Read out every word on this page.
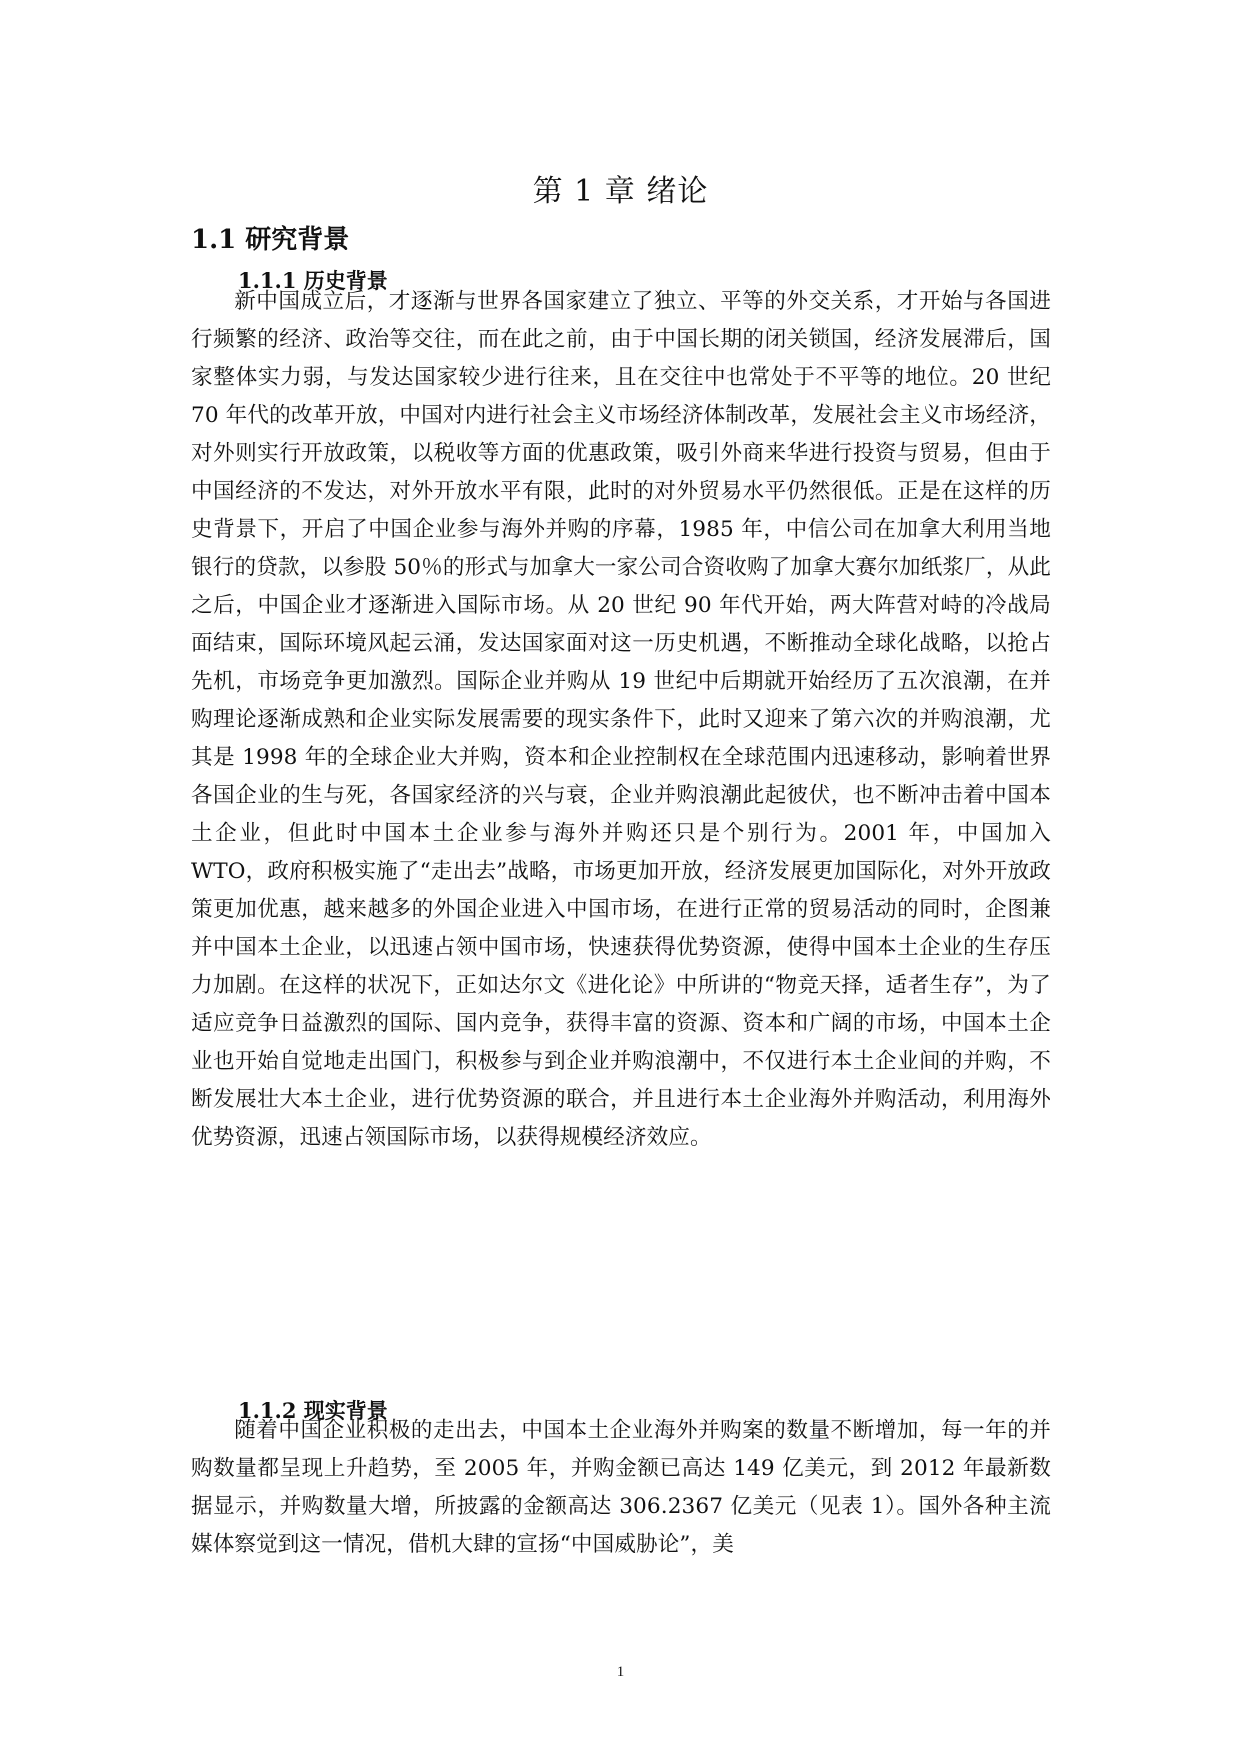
第 1 章 绪论
1.1 研究背景
1.1.1 历史背景

新中国成立后，才逐渐与世界各国家建立了独立、平等的外交关系，才开始与各国进行频繁的经济、政治等交往，而在此之前，由于中国长期的闭关锁国，经济发展滞后，国家整体实力弱，与发达国家较少进行往来，且在交往中也常处于不平等的地位。20 世纪 70 年代的改革开放，中国对内进行社会主义市场经济体制改革，发展社会主义市场经济，对外则实行开放政策，以税收等方面的优惠政策，吸引外商来华进行投资与贸易，但由于中国经济的不发达，对外开放水平有限，此时的对外贸易水平仍然很低。正是在这样的历史背景下，开启了中国企业参与海外并购的序幕，1985 年，中信公司在加拿大利用当地银行的贷款，以参股 50％的形式与加拿大一家公司合资收购了加拿大赛尔加纸浆厂，从此之后，中国企业才逐渐进入国际市场。从 20 世纪 90 年代开始，两大阵营对峙的冷战局面结束，国际环境风起云涌，发达国家面对这一历史机遇，不断推动全球化战略，以抢占先机，市场竞争更加激烈。国际企业并购从 19 世纪中后期就开始经历了五次浪潮，在并购理论逐渐成熟和企业实际发展需要的现实条件下，此时又迎来了第六次的并购浪潮，尤其是 1998 年的全球企业大并购，资本和企业控制权在全球范围内迅速移动，影响着世界各国企业的生与死，各国家经济的兴与衰，企业并购浪潮此起彼伏，也不断冲击着中国本土企业，但此时中国本土企业参与海外并购还只是个别行为。2001 年，中国加入 WTO，政府积极实施了“走出去”战略，市场更加开放，经济发展更加国际化，对外开放政策更加优惠，越来越多的外国企业进入中国市场，在进行正常的贸易活动的同时，企图兼并中国本土企业，以迅速占领中国市场，快速获得优势资源，使得中国本土企业的生存压力加剧。在这样的状况下，正如达尔文《进化论》中所讲的“物竞天择，适者生存”，为了适应竞争日益激烈的国际、国内竞争，获得丰富的资源、资本和广阔的市场，中国本土企业也开始自觉地走出国门，积极参与到企业并购浪潮中，不仅进行本土企业间的并购，不断发展壮大本土企业，进行优势资源的联合，并且进行本土企业海外并购活动，利用海外优势资源，迅速占领国际市场，以获得规模经济效应。

1.1.2 现实背景

随着中国企业积极的走出去，中国本土企业海外并购案的数量不断增加，每一年的并购数量都呈现上升趋势，至 2005 年，并购金额已高达 149 亿美元，到 2012 年最新数据显示，并购数量大增，所披露的金额高达 306.2367 亿美元（见表 1）。国外各种主流媒体察觉到这一情况，借机大肆的宣扬“中国威胁论”，美

1
